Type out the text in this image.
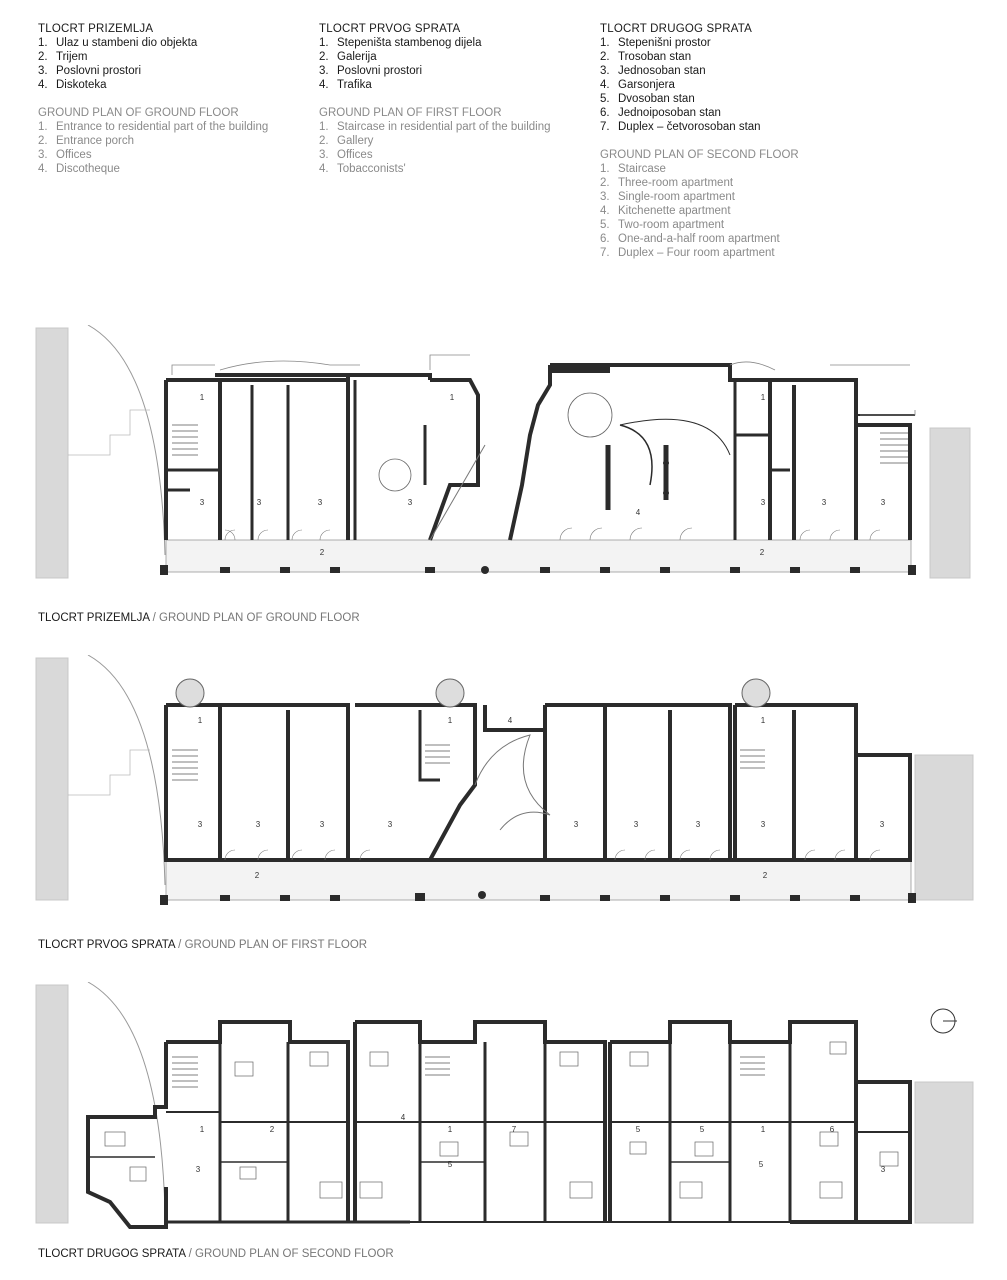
TLOCRT PRIZEMLJA
1. Ulaz u stambeni dio objekta
2. Trijem
3. Poslovni prostori
4. Diskoteka
GROUND PLAN OF GROUND FLOOR
1. Entrance to residential part of the building
2. Entrance porch
3. Offices
4. Discotheque
TLOCRT PRVOG SPRATA
1. Stepeništa stambenog dijela
2. Galerija
3. Poslovni prostori
4. Trafika
GROUND PLAN OF FIRST FLOOR
1. Staircase in residential part of the building
2. Gallery
3. Offices
4. Tobacconists'
TLOCRT DRUGOG SPRATA
1. Stepenišni prostor
2. Trosoban stan
3. Jednosoban stan
4. Garsonjera
5. Dvosoban stan
6. Jednoiposoban stan
7. Duplex – četvorosoban stan
GROUND PLAN OF SECOND FLOOR
1. Staircase
2. Three-room apartment
3. Single-room apartment
4. Kitchenette apartment
5. Two-room apartment
6. One-and-a-half room apartment
7. Duplex – Four room apartment
1
3	3	3	3
1
2
4
3	3	3
1
2
TLOCRT PRIZEMLJA / GROUND PLAN OF GROUND FLOOR
1
3	3	3	3
1	4
3	3	3	3
1
3
2	2
TLOCRT PRVOG SPRATA / GROUND PLAN OF FIRST FLOOR
1	2
3
4
1	7
5
5
5
1
5	6
3
TLOCRT DRUGOG SPRATA / GROUND PLAN OF SECOND FLOOR
